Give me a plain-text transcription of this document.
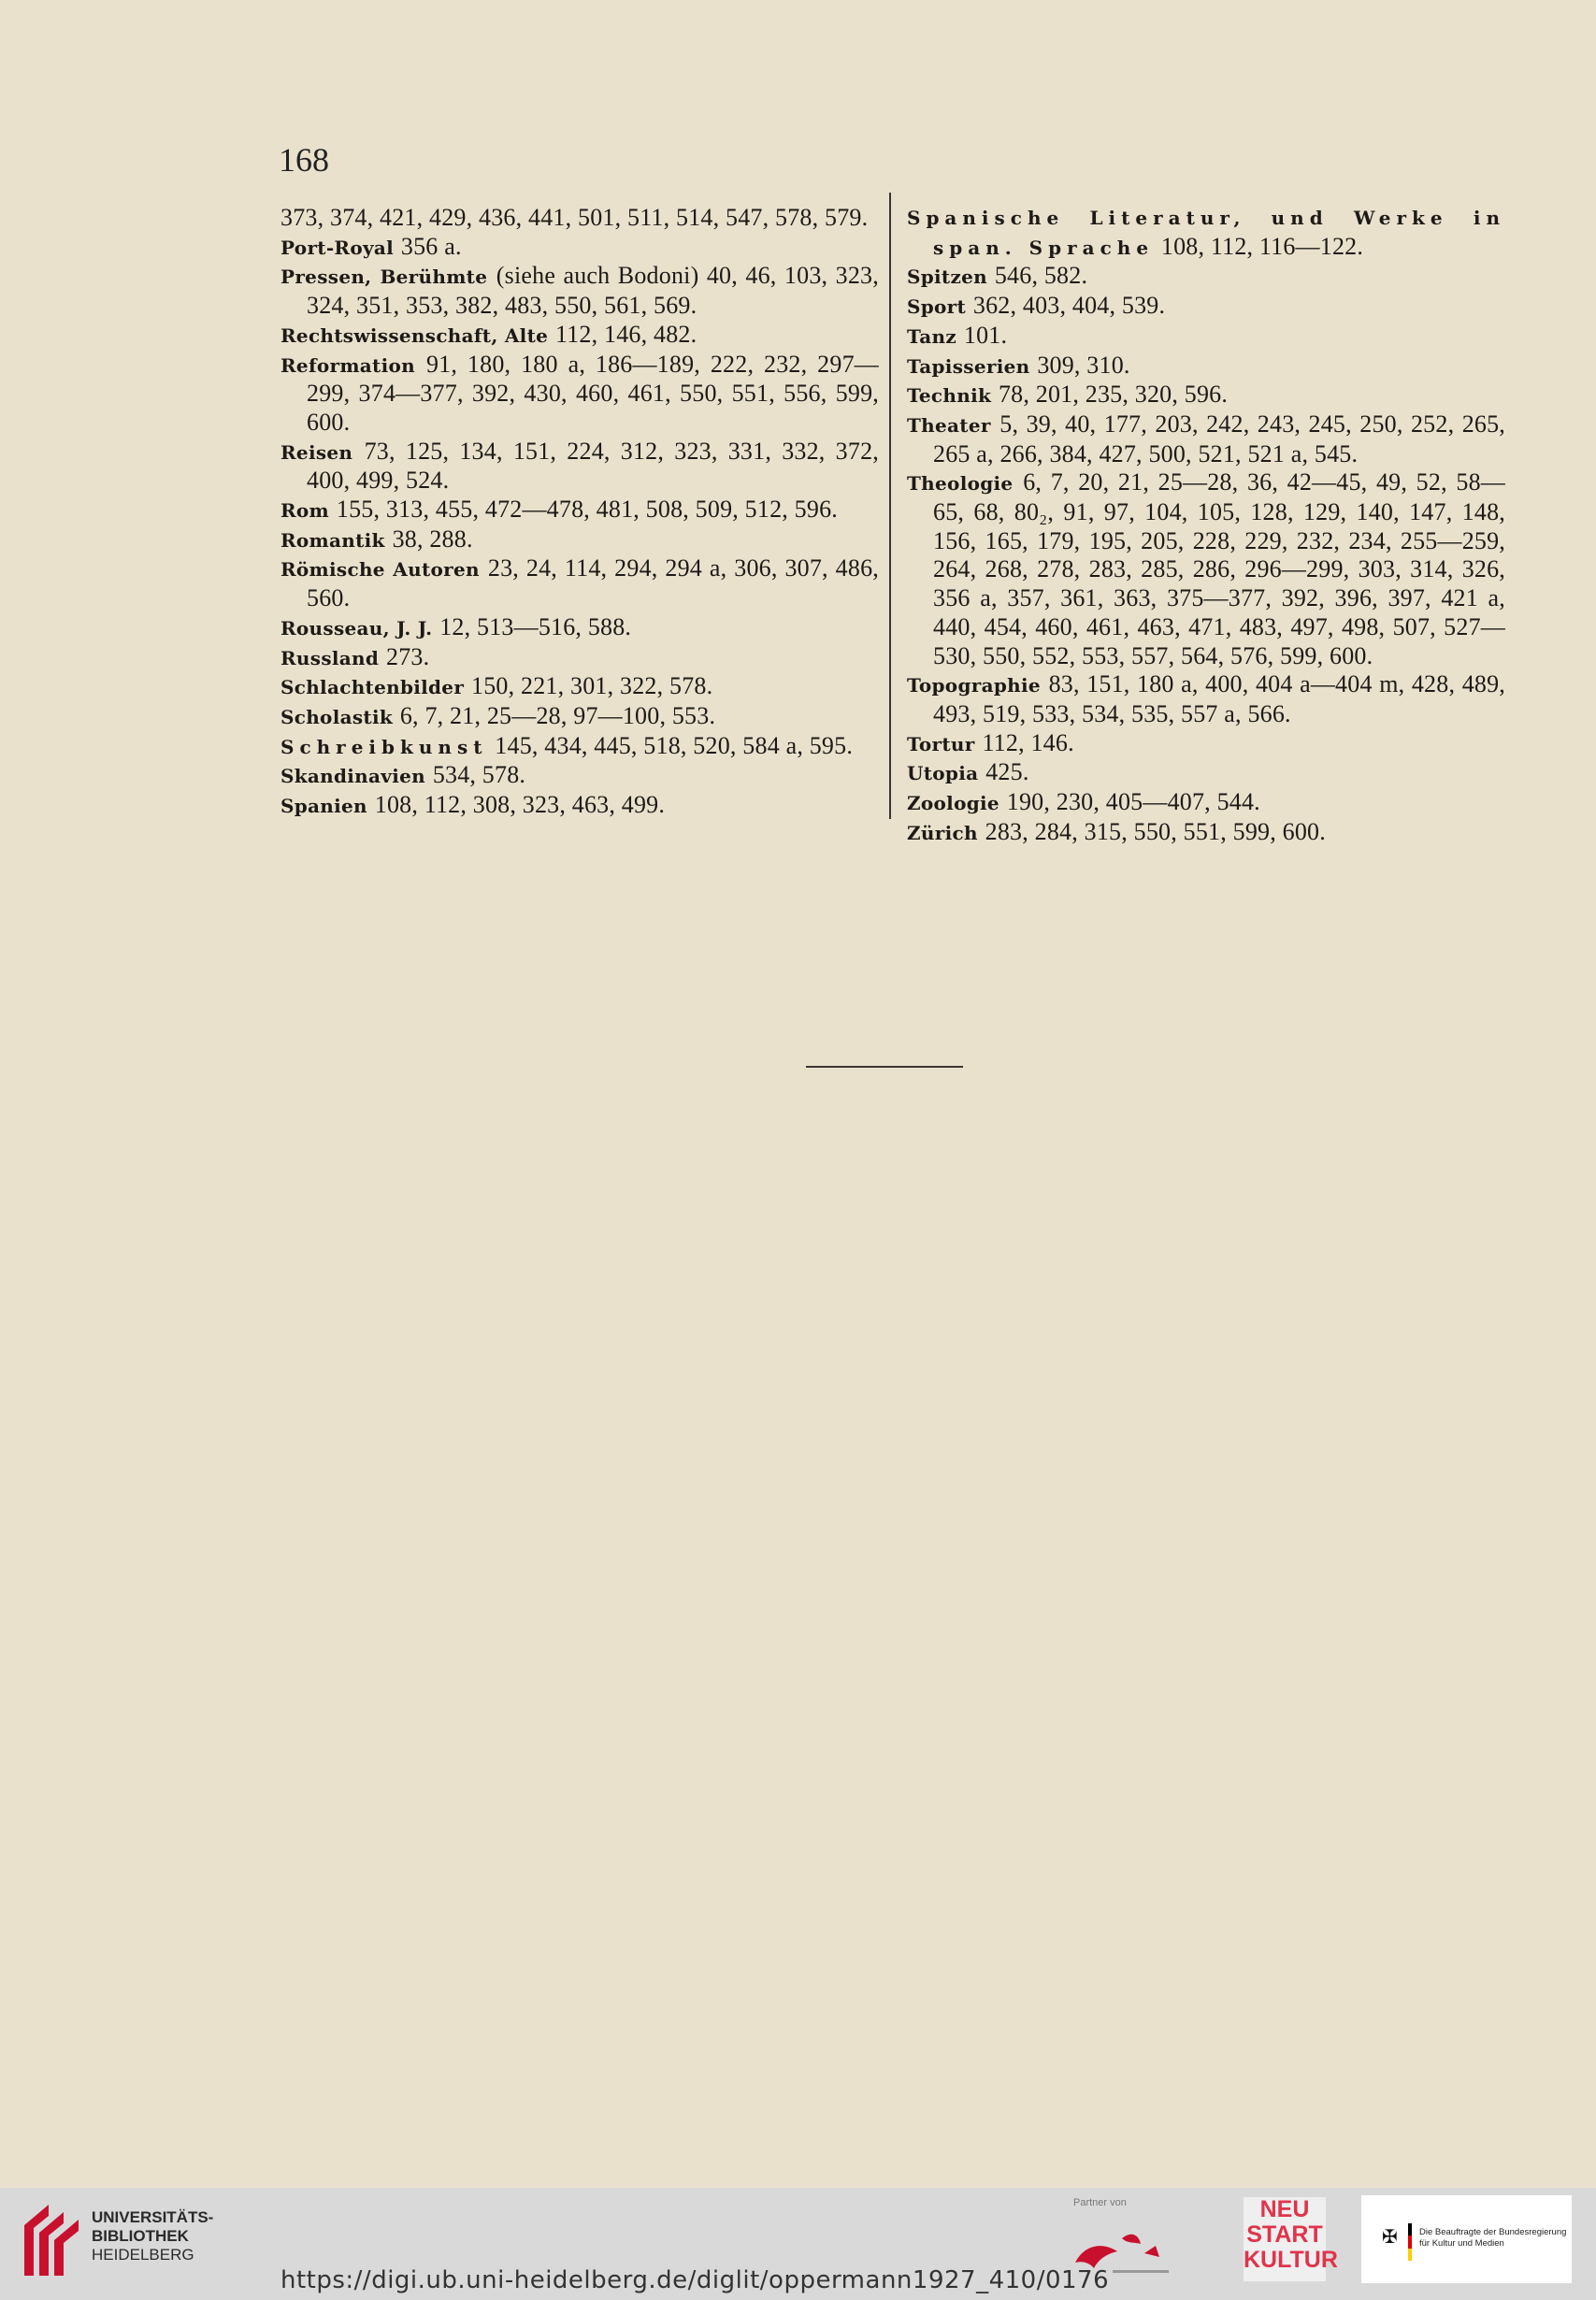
168
373, 374, 421, 429, 436, 441, 501, 511, 514, 547, 578, 579.
Port-Royal 356 a.
Pressen, Berühmte (siehe auch Bodoni) 40, 46, 103, 323, 324, 351, 353, 382, 483, 550, 561, 569.
Rechtswissenschaft, Alte 112, 146, 482.
Reformation 91, 180, 180 a, 186—189, 222, 232, 297—299, 374—377, 392, 430, 460, 461, 550, 551, 556, 599, 600.
Reisen 73, 125, 134, 151, 224, 312, 323, 331, 332, 372, 400, 499, 524.
Rom 155, 313, 455, 472—478, 481, 508, 509, 512, 596.
Romantik 38, 288.
Römische Autoren 23, 24, 114, 294, 294 a, 306, 307, 486, 560.
Rousseau, J. J. 12, 513—516, 588.
Russland 273.
Schlachtenbilder 150, 221, 301, 322, 578.
Scholastik 6, 7, 21, 25—28, 97—100, 553.
Schreibkunst 145, 434, 445, 518, 520, 584 a, 595.
Skandinavien 534, 578.
Spanien 108, 112, 308, 323, 463, 499.
Spanische Literatur, und Werke in span. Sprache 108, 112, 116—122.
Spitzen 546, 582.
Sport 362, 403, 404, 539.
Tanz 101.
Tapisserien 309, 310.
Technik 78, 201, 235, 320, 596.
Theater 5, 39, 40, 177, 203, 242, 243, 245, 250, 252, 265, 265 a, 266, 384, 427, 500, 521, 521 a, 545.
Theologie 6, 7, 20, 21, 25—28, 36, 42—45, 49, 52, 58—65, 68, 80₂, 91, 97, 104, 105, 128, 129, 140, 147, 148, 156, 165, 179, 195, 205, 228, 229, 232, 234, 255—259, 264, 268, 278, 283, 285, 286, 296—299, 303, 314, 326, 356 a, 357, 361, 363, 375—377, 392, 396, 397, 421 a, 440, 454, 460, 461, 463, 471, 483, 497, 498, 507, 527—530, 550, 552, 553, 557, 564, 576, 599, 600.
Topographie 83, 151, 180 a, 400, 404 a—404 m, 428, 489, 493, 519, 533, 534, 535, 557 a, 566.
Tortur 112, 146.
Utopia 425.
Zoologie 190, 230, 405—407, 544.
Zürich 283, 284, 315, 550, 551, 599, 600.
UNIVERSITÄTS-
BIBLIOTHEK
HEIDELBERG
Partner von	NEU
START
KULTUR
✠ Die Beauftragte der Bundesregierung
für Kultur und Medien
https://digi.ub.uni-heidelberg.de/diglit/oppermann1927_410/0176
